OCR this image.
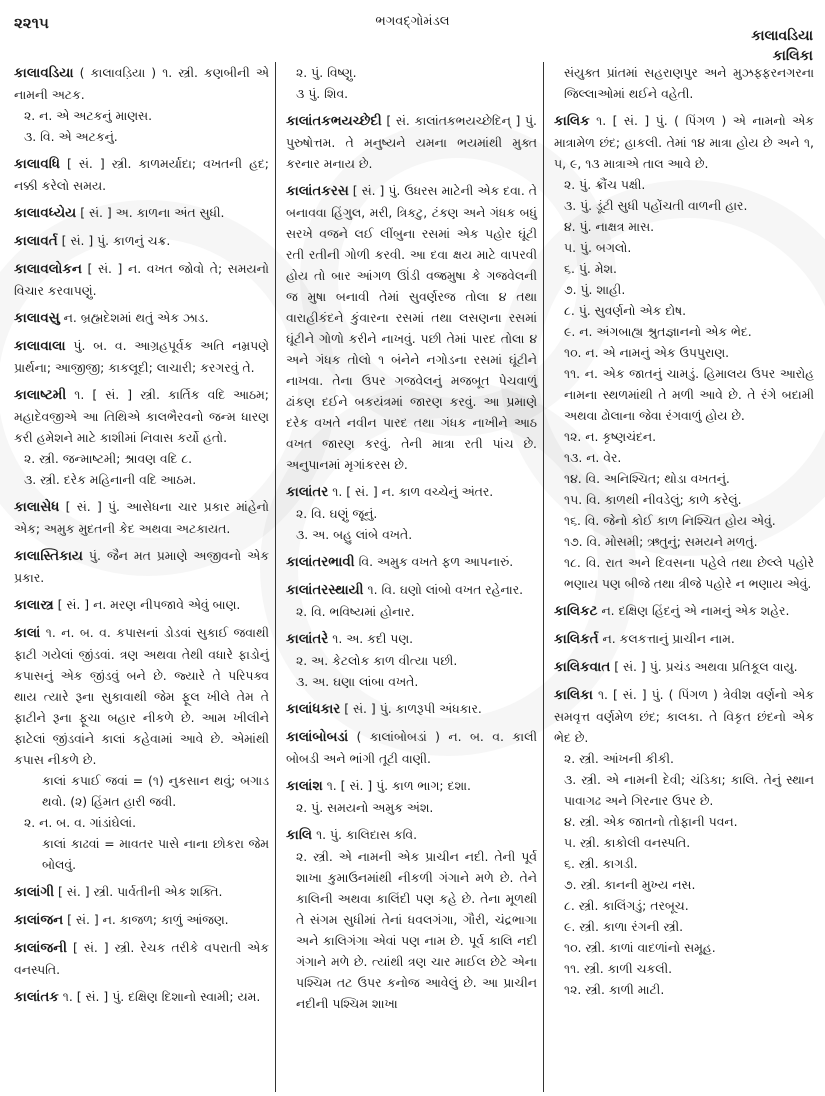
૨૨૧૫	ભગવદ્ગોમંડલ
કાલાવડિયા
કાલિકા

કાલાવડિયા ( કાલાવડ઼િયા ) ૧. સ્ત્રી. કણબીની એ નામની અટક.

૨. ન. એ અટકનું માણસ.

૩. વિ. એ અટકનું.

કાલાવધિ [ સં. ] સ્ત્રી. કાળમર્યાદા; વખતની હદ; નક્કી કરેલો સમય.

કાલાવધ્યેય [ સં. ] અ. કાળના અંત સુધી.

કાલાવર્ત [ સં. ] પું. કાળનું ચક્ર.

કાલાવલોકન [ સં. ] ન. વખત જોવો તે; સમયનો વિચાર કરવાપણું.

કાલાવસુ ન. બ્રહ્મદેશમાં થતું એક ઝાડ.

કાલાવાલા પું. બ. વ. આગ્રહપૂર્વક અતિ નમ્રપણે પ્રાર્થના; આજીજી; કાકલૂદી; લાચારી; કરગરવું તે.

કાલાષ્ટમી ૧. [ સં. ] સ્ત્રી. કાર્તિક વદિ આઠમ; મહાદેવજીએ આ તિથિએ કાલભૈરવનો જન્મ ધારણ કરી હમેશને માટે કાશીમાં નિવાસ કર્યો હતો.

૨. સ્ત્રી. જન્માષ્ટમી; શ્રાવણ વદિ ૮.

૩. સ્ત્રી. દરેક મહિનાની વદિ આઠમ.

કાલાસેધ [ સં. ] પું. આસેધના ચાર પ્રકાર માંહેનો એક; અમુક મુદતની કેદ અથવા અટકાયત.

કાલાસ્તિકાય પું. જૈન મત પ્રમાણે અજીવનો એક પ્રકાર.

કાલાસ્ત્ર [ સં. ] ન. મરણ નીપજાવે એવું બાણ.

કાલાં ૧. ન. બ. વ. કપાસનાં ડોડવાં સુકાઈ જવાથી ફાટી ગયેલાં જીંડવાં. ત્રણ અથવા તેથી વધારે ફાડોનું કપાસનું એક જીંડવું બને છે. જ્યારે તે પરિપક્વ થાય ત્યારે રૂના સુકાવાથી જેમ ફૂલ ખીલે તેમ તે ફાટીને રૂના ફૂચા બહાર નીકળે છે. આમ ખીલીને ફાટેલાં જીંડવાંને કાલાં કહેવામાં આવે છે. એમાંથી કપાસ નીકળે છે.

કાલાં કપાઈ જવાં = (૧) નુકસાન થવું; બગાડ થવો. (૨) હિંમત હારી જવી.

૨. ન. બ. વ. ગાંડાંઘેલાં.

કાલાં કાઢવાં = માવતર પાસે નાના છોકરા જેમ બોલવું.

કાલાંગી [ સં. ] સ્ત્રી. પાર્વતીની એક શક્તિ.

કાલાંજન [ સં. ] ન. કાજળ; કાળું આંજણ.

કાલાંજની [ સં. ] સ્ત્રી. રેચક તરીકે વપરાતી એક વનસ્પતિ.

કાલાંતક ૧. [ સં. ] પું. દક્ષિણ દિશાનો સ્વામી; યમ.

૨. પું. વિષ્ણુ.

૩ પું. શિવ.

કાલાંતકભયચ્છેદી [ સં. કાલાંતકભયચ્છેદિન્ ] પું. પુરુષોત્તમ. તે મનુષ્યને યમના ભયમાંથી મુક્ત કરનાર મનાય છે.

કાલાંતકરસ [ સં. ] પું. ઉધરસ માટેની એક દવા. તે બનાવવા હિંગુલ, મરી, ત્રિકટુ, ટંકણ અને ગંધક બધું સરખે વજને લઈ લીંબુના રસમાં એક પહોર ઘૂંટી રતી રતીની ગોળી કરવી. આ દવા ક્ષય માટે વાપરવી હોય તો બાર આંગળ ઊંડી વજ્રમુષા કે ગજવેલની જ મુષા બનાવી તેમાં સુવર્ણરજ તોલા ૪ તથા વારાહીકંદને કુંવારના રસમાં તથા લસણના રસમાં ઘૂંટીને ગોળો કરીને નાખવું. પછી તેમાં પારદ તોલા ૪ અને ગંધક તોલો ૧ બંનેને નગોડના રસમાં ઘૂંટીને નાખવા. તેના ઉપર ગજવેલનું મજબૂત પેચવાળું ઢાંકણ દઈને બકયંત્રમાં જારણ કરવું. આ પ્રમાણે દરેક વખતે નવીન પારદ તથા ગંધક નાખીને આઠ વખત જારણ કરવું. તેની માત્રા રતી પાંચ છે. અનુપાનમાં મૃગાંકરસ છે.

કાલાંતર ૧. [ સં. ] ન. કાળ વચ્ચેનું અંતર.

૨. વિ. ઘણું જૂનું.

૩. અ. બહુ લાંબે વખતે.

કાલાંતરભાવી વિ. અમુક વખતે ફળ આપનારું.

કાલાંતરસ્થાયી ૧. વિ. ઘણો લાંબો વખત રહેનાર.

૨. વિ. ભવિષ્યમાં હોનાર.

કાલાંતરે ૧. અ. કદી પણ.

૨. અ. કેટલોક કાળ વીત્યા પછી.

૩. અ. ઘણા લાંબા વખતે.

કાલાંધકાર [ સં. ] પું. કાળરૂપી અંધકાર.

કાલાંબોબડાં ( કાલાંબોબડાં ) ન. બ. વ. કાલી બોબડી અને ભાંગી તૂટી વાણી.

કાલાંશ ૧. [ સં. ] પું. કાળ ભાગ; દશા.

૨. પું. સમયનો અમુક અંશ.

કાલિ ૧. પું. કાલિદાસ કવિ.

૨. સ્ત્રી. એ નામની એક પ્રાચીન નદી. તેની પૂર્વ શાખા કુમાઉનમાંથી નીકળી ગંગાને મળે છે. તેને કાલિની અથવા કાલિંદી પણ કહે છે. તેના મૂળથી તે સંગમ સુધીમાં તેનાં ધવલગંગા, ગૌરી, ચંદ્રભાગા અને કાલિગંગા એવાં પણ નામ છે. પૂર્વ કાલિ નદી ગંગાને મળે છે. ત્યાંથી ત્રણ ચાર માઈલ છેટે એના પશ્ચિમ તટ ઉપર કનોજ આવેલું છે. આ પ્રાચીન નદીની પશ્ચિમ શાખા

સંયુક્ત પ્રાંતમાં સહરાણપુર અને મુઝફ્ફરનગરના જિલ્લાઓમાં થઈને વહેતી.

કાલિક ૧. [ સં. ] પું. ( પિંગળ ) એ નામનો એક માત્રામેળ છંદ; હાકલી. તેમાં ૧૪ માત્રા હોય છે અને ૧, ૫, ૯, ૧૩ માત્રાએ તાલ આવે છે.

૨. પું. ક્રૌંચ પક્ષી.

૩. પું. ડૂંટી સુધી પહોંચતી વાળની હાર.

૪. પું. નાક્ષત્ર માસ.

૫. પું. બગલો.

૬. પું. મેશ.

૭. પું. શાહી.

૮. પું. સુવર્ણનો એક દોષ.

૯. ન. અંગબાહ્ય શ્રુતજ્ઞાનનો એક ભેદ.

૧૦. ન. એ નામનું એક ઉપપુરાણ.

૧૧. ન. એક જાતનું ચામડું. હિમાલય ઉપર આરોહ નામના સ્થળમાંથી તે મળી આવે છે. તે રંગે બદામી અથવા ઢોલાના જેવા રંગવાળું હોય છે.

૧૨. ન. કૃષ્ણચંદન.

૧૩. ન. વેર.

૧૪. વિ. અનિશ્ચિત; થોડા વખતનું.

૧૫. વિ. કાળથી નીવડેલું; કાળે કરેલું.

૧૬. વિ. જેનો કોઈ કાળ નિશ્ચિત હોય એવું.

૧૭. વિ. મોસમી; ઋતુનું; સમયને મળતું.

૧૮. વિ. રાત અને દિવસના પહેલે તથા છેલ્લે પહોરે ભણાય પણ બીજે તથા ત્રીજે પહોરે ન ભણાય એવું.

કાલિકટ ન. દક્ષિણ હિંદનું એ નામનું એક શહેર.

કાલિકર્ત ન. કલકત્તાનું પ્રાચીન નામ.

કાલિકવાત [ સં. ] પું. પ્રચંડ અથવા પ્રતિકૂલ વાયુ.

કાલિકા ૧. [ સં. ] પું. ( પિંગળ ) ત્રેવીશ વર્ણનો એક સમવૃત્ત વર્ણમેળ છંદ; કાલકા. તે વિકૃત છંદનો એક ભેદ છે.

૨. સ્ત્રી. આંખની કીકી.

૩. સ્ત્રી. એ નામની દેવી; ચંડિકા; કાલિ. તેનું સ્થાન પાવાગઢ અને ગિરનાર ઉપર છે.

૪. સ્ત્રી. એક જાતનો તોફાની પવન.

૫. સ્ત્રી. કાકોલી વનસ્પતિ.

૬. સ્ત્રી. કાગડી.

૭. સ્ત્રી. કાનની મુખ્ય નસ.

૮. સ્ત્રી. કાલિંગડું; તરબૂચ.

૯. સ્ત્રી. કાળા રંગની સ્ત્રી.

૧૦. સ્ત્રી. કાળાં વાદળાંનો સમૂહ.

૧૧. સ્ત્રી. કાળી ચકલી.

૧૨. સ્ત્રી. કાળી માટી.
